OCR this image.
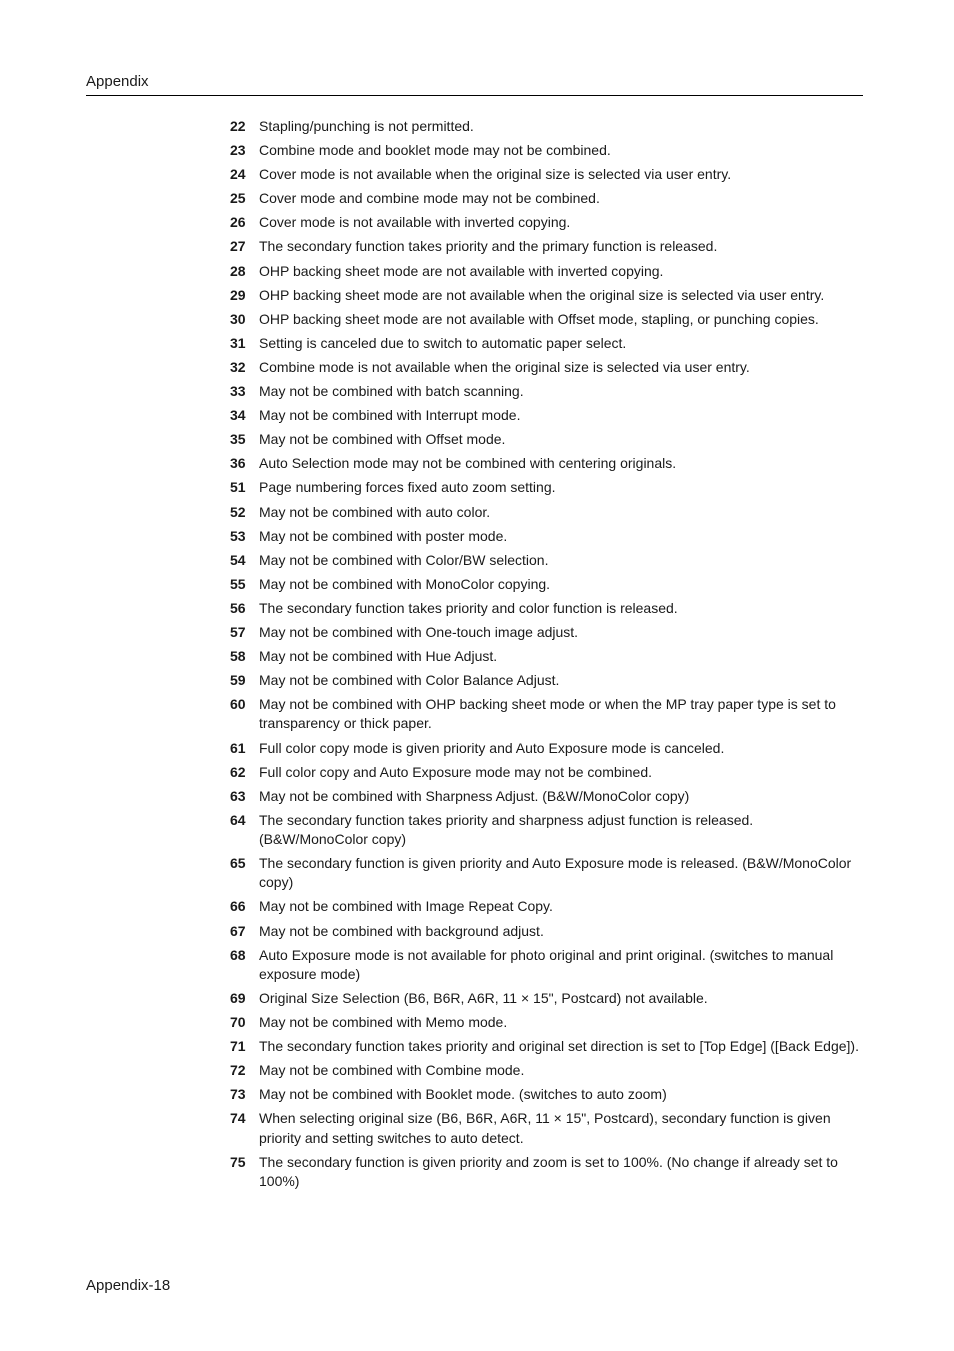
Appendix
22 Stapling/punching is not permitted.
23 Combine mode and booklet mode may not be combined.
24 Cover mode is not available when the original size is selected via user entry.
25 Cover mode and combine mode may not be combined.
26 Cover mode is not available with inverted copying.
27 The secondary function takes priority and the primary function is released.
28 OHP backing sheet mode are not available with inverted copying.
29 OHP backing sheet mode are not available when the original size is selected via user entry.
30 OHP backing sheet mode are not available with Offset mode, stapling, or punching copies.
31 Setting is canceled due to switch to automatic paper select.
32 Combine mode is not available when the original size is selected via user entry.
33 May not be combined with batch scanning.
34 May not be combined with Interrupt mode.
35 May not be combined with Offset mode.
36 Auto Selection mode may not be combined with centering originals.
51 Page numbering forces fixed auto zoom setting.
52 May not be combined with auto color.
53 May not be combined with poster mode.
54 May not be combined with Color/BW selection.
55 May not be combined with MonoColor copying.
56 The secondary function takes priority and color function is released.
57 May not be combined with One-touch image adjust.
58 May not be combined with Hue Adjust.
59 May not be combined with Color Balance Adjust.
60 May not be combined with OHP backing sheet mode or when the MP tray paper type is set to transparency or thick paper.
61 Full color copy mode is given priority and Auto Exposure mode is canceled.
62 Full color copy and Auto Exposure mode may not be combined.
63 May not be combined with Sharpness Adjust. (B&W/MonoColor copy)
64 The secondary function takes priority and sharpness adjust function is released. (B&W/MonoColor copy)
65 The secondary function is given priority and Auto Exposure mode is released. (B&W/MonoColor copy)
66 May not be combined with Image Repeat Copy.
67 May not be combined with background adjust.
68 Auto Exposure mode is not available for photo original and print original. (switches to manual exposure mode)
69 Original Size Selection (B6, B6R, A6R, 11 × 15", Postcard) not available.
70 May not be combined with Memo mode.
71 The secondary function takes priority and original set direction is set to [Top Edge] ([Back Edge]).
72 May not be combined with Combine mode.
73 May not be combined with Booklet mode. (switches to auto zoom)
74 When selecting original size (B6, B6R, A6R, 11 × 15", Postcard), secondary function is given priority and setting switches to auto detect.
75 The secondary function is given priority and zoom is set to 100%. (No change if already set to 100%)
Appendix-18
